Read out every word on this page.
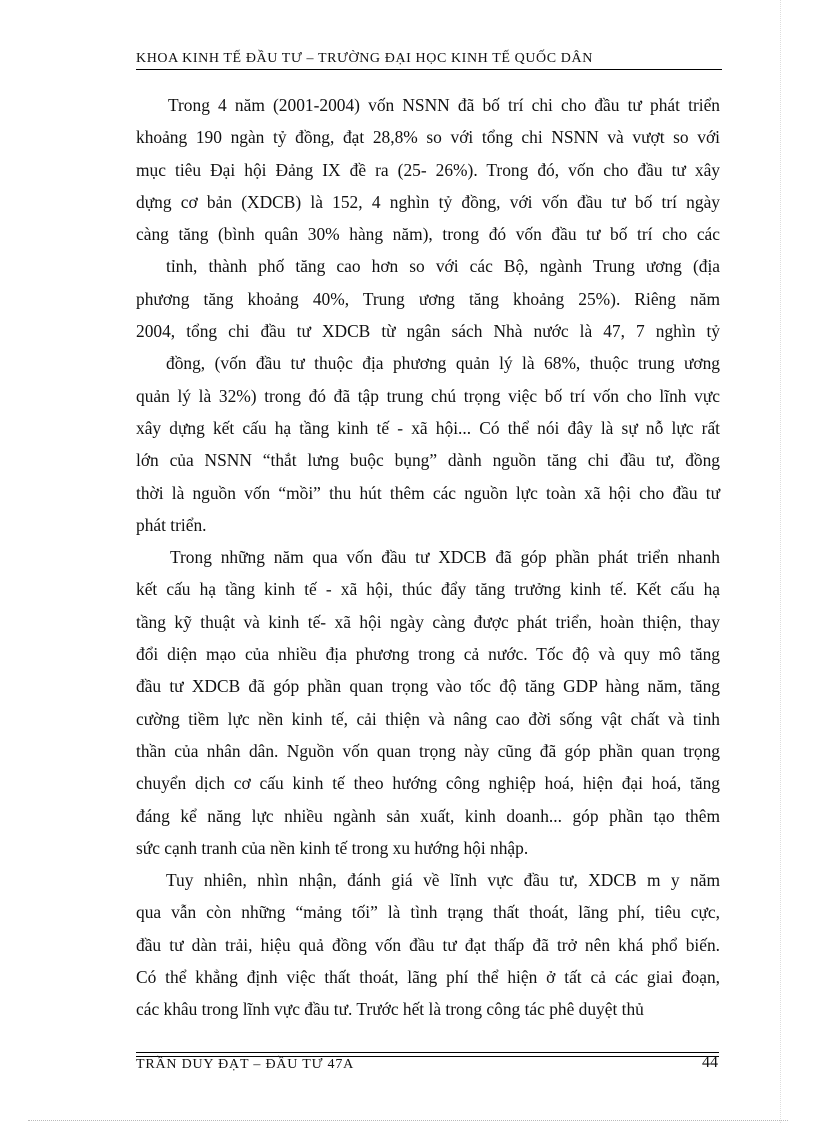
KHOA KINH TẾ ĐẦU TƯ – TRƯỜNG ĐẠI HỌC KINH TẾ QUỐC DÂN
Trong 4 năm (2001-2004) vốn NSNN đã bố trí chi cho đầu tư phát triển
khoảng 190 ngàn tỷ đồng, đạt 28,8% so với tổng chi NSNN và vượt so với
mục tiêu Đại hội Đảng IX đề ra (25- 26%). Trong đó, vốn cho đầu tư xây
dựng cơ bản (XDCB) là 152, 4 nghìn tỷ đồng, với vốn đầu tư bố trí ngày
càng tăng (bình quân 30% hàng năm), trong đó vốn đầu tư bố trí cho các
tỉnh, thành phố tăng cao hơn so với các Bộ, ngành Trung ương (địa
phương tăng khoảng 40%, Trung ương tăng khoảng 25%). Riêng năm
2004, tổng chi đầu tư XDCB từ ngân sách Nhà nước là 47, 7 nghìn tỷ
đồng, (vốn đầu tư thuộc địa phương quản lý là 68%, thuộc trung ương
quản lý là 32%) trong đó đã tập trung chú trọng việc bố trí vốn cho lĩnh vực
xây dựng kết cấu hạ tầng kinh tế - xã hội... Có thể nói đây là sự nỗ lực rất
lớn của NSNN “thắt lưng buộc bụng” dành nguồn tăng chi đầu tư, đồng
thời là nguồn vốn “mồi” thu hút thêm các nguồn lực toàn xã hội cho đầu tư
phát triển.
Trong những năm qua vốn đầu tư XDCB đã góp phần phát triển nhanh
kết cấu hạ tầng kinh tế - xã hội, thúc đẩy tăng trưởng kinh tế. Kết cấu hạ
tầng kỹ thuật và kinh tế- xã hội ngày càng được phát triển, hoàn thiện, thay
đổi diện mạo của nhiều địa phương trong cả nước. Tốc độ và quy mô tăng
đầu tư XDCB đã góp phần quan trọng vào tốc độ tăng GDP hàng năm, tăng
cường tiềm lực nền kinh tế, cải thiện và nâng cao đời sống vật chất và tinh
thần của nhân dân. Nguồn vốn quan trọng này cũng đã góp phần quan trọng
chuyển dịch cơ cấu kinh tế theo hướng công nghiệp hoá, hiện đại hoá, tăng
đáng kể năng lực nhiều ngành sản xuất, kinh doanh... góp phần tạo thêm
sức cạnh tranh của nền kinh tế trong xu hướng hội nhập.
Tuy nhiên, nhìn nhận, đánh giá về lĩnh vực đầu tư, XDCB m y năm
qua vẫn còn những “mảng tối” là tình trạng thất thoát, lãng phí, tiêu cực,
đầu tư dàn trải, hiệu quả đồng vốn đầu tư đạt thấp đã trở nên khá phổ biến.
Có thể khẳng định việc thất thoát, lãng phí thể hiện ở tất cả các giai đoạn,
các khâu trong lĩnh vực đầu tư. Trước hết là trong công tác phê duyệt thủ
TRẦN DUY ĐẠT – ĐẦU TƯ 47A	44
